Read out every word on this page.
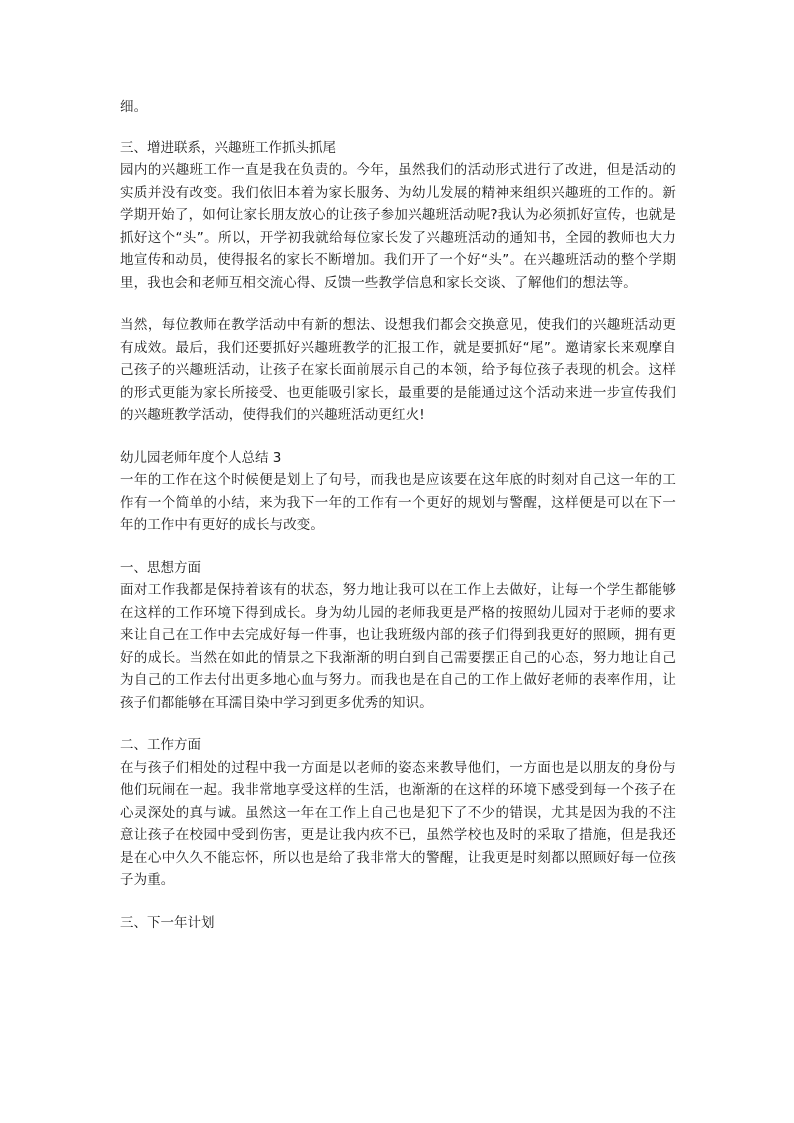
细。

三、增进联系，兴趣班工作抓头抓尾

园内的兴趣班工作一直是我在负责的。今年，虽然我们的活动形式进行了改进，但是活动的实质并没有改变。我们依旧本着为家长服务、为幼儿发展的精神来组织兴趣班的工作的。新学期开始了，如何让家长朋友放心的让孩子参加兴趣班活动呢?我认为必须抓好宣传，也就是抓好这个“头”。所以，开学初我就给每位家长发了兴趣班活动的通知书，全园的教师也大力地宣传和动员，使得报名的家长不断增加。我们开了一个好“头”。在兴趣班活动的整个学期里，我也会和老师互相交流心得、反馈一些教学信息和家长交谈、了解他们的想法等。

当然，每位教师在教学活动中有新的想法、设想我们都会交换意见，使我们的兴趣班活动更有成效。最后，我们还要抓好兴趣班教学的汇报工作，就是要抓好“尾”。邀请家长来观摩自己孩子的兴趣班活动，让孩子在家长面前展示自己的本领，给予每位孩子表现的机会。这样的形式更能为家长所接受、也更能吸引家长，最重要的是能通过这个活动来进一步宣传我们的兴趣班教学活动，使得我们的兴趣班活动更红火!

幼儿园老师年度个人总结 3

一年的工作在这个时候便是划上了句号，而我也是应该要在这年底的时刻对自己这一年的工作有一个简单的小结，来为我下一年的工作有一个更好的规划与警醒，这样便是可以在下一年的工作中有更好的成长与改变。

一、思想方面

面对工作我都是保持着该有的状态，努力地让我可以在工作上去做好，让每一个学生都能够在这样的工作环境下得到成长。身为幼儿园的老师我更是严格的按照幼儿园对于老师的要求来让自己在工作中去完成好每一件事，也让我班级内部的孩子们得到我更好的照顾，拥有更好的成长。当然在如此的情景之下我渐渐的明白到自己需要摆正自己的心态，努力地让自己为自己的工作去付出更多地心血与努力。而我也是在自己的工作上做好老师的表率作用，让孩子们都能够在耳濡目染中学习到更多优秀的知识。

二、工作方面

在与孩子们相处的过程中我一方面是以老师的姿态来教导他们，一方面也是以朋友的身份与他们玩闹在一起。我非常地享受这样的生活，也渐渐的在这样的环境下感受到每一个孩子在心灵深处的真与诚。虽然这一年在工作上自己也是犯下了不少的错误，尤其是因为我的不注意让孩子在校园中受到伤害，更是让我内疚不已，虽然学校也及时的采取了措施，但是我还是在心中久久不能忘怀，所以也是给了我非常大的警醒，让我更是时刻都以照顾好每一位孩子为重。

三、下一年计划
